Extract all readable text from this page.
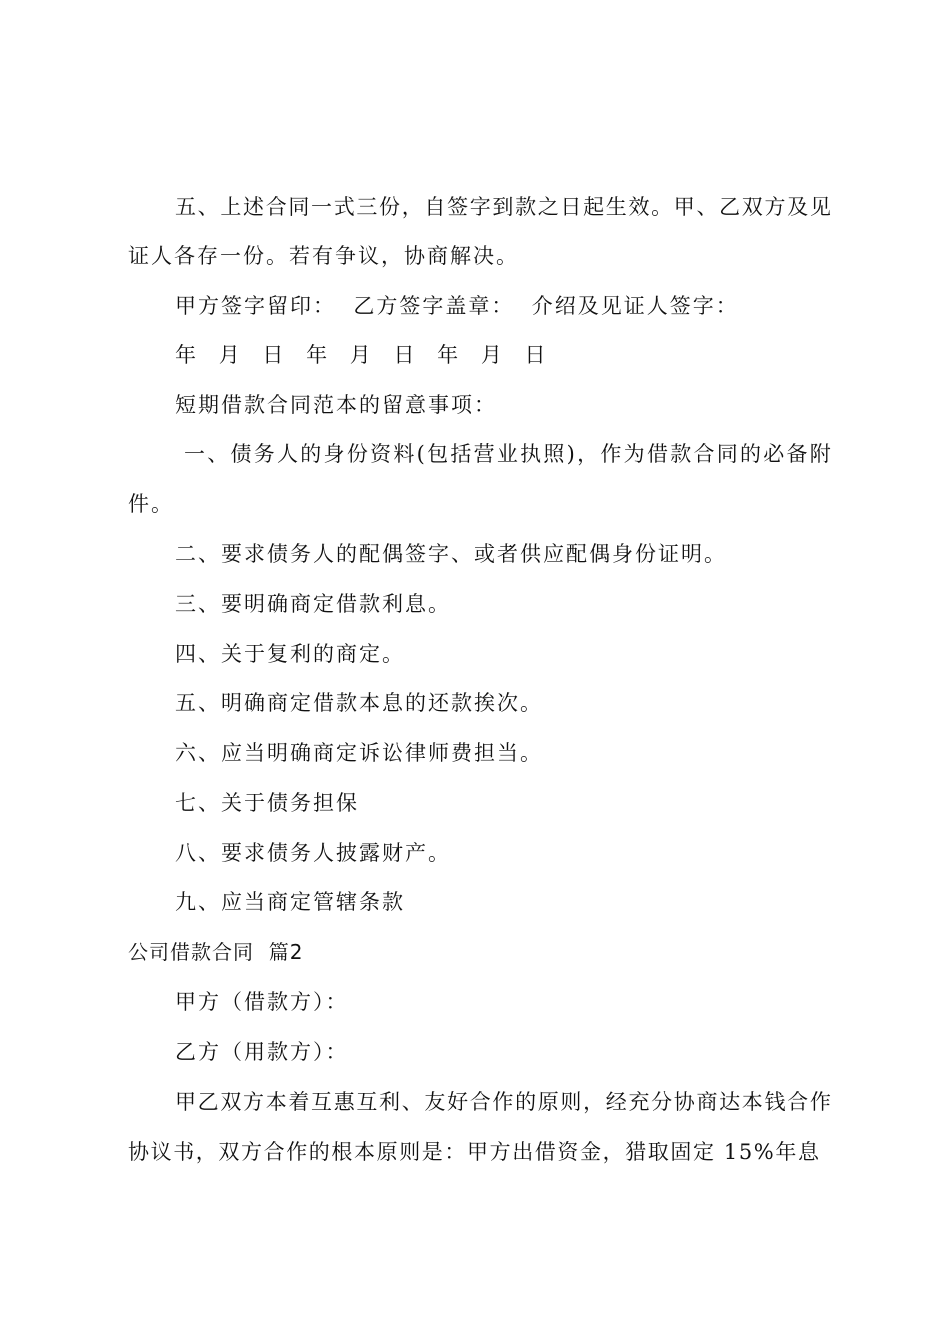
五 、 上 述 合 同 一 式 三 份 ， 自 签 字 到 款 之 日 起 生 效 。 甲 、 乙 双 方 及 见
证人各存一份。若有争议，协商解决。
甲方签字留印：  乙方签字盖章：  介绍及见证人签字：
年 月 日 年 月 日 年 月 日
短期借款合同范本的留意事项：

一 、 债 务 人 的 身 份 资 料 ( 包 括 营 业 执 照 ) ， 作 为 借 款 合 同 的 必 备 附
件。
二、要求债务人的配偶签字、或者供应配偶身份证明。
三、要明确商定借款利息。
四、关于复利的商定。
五、明确商定借款本息的还款挨次。
六、应当明确商定诉讼律师费担当。
七、关于债务担保
八、要求债务人披露财产。
九、应当商定管辖条款
公司借款合同  篇2
甲方（借款方）：
乙方（用款方）：
甲 乙 双 方 本 着 互 惠 互 利 、 友 好 合 作 的 原 则 ， 经 充 分 协 商 达 本 钱 合 作
协议书，双方合作的根本原则是：甲方出借资金，猎取固定 15%年息
